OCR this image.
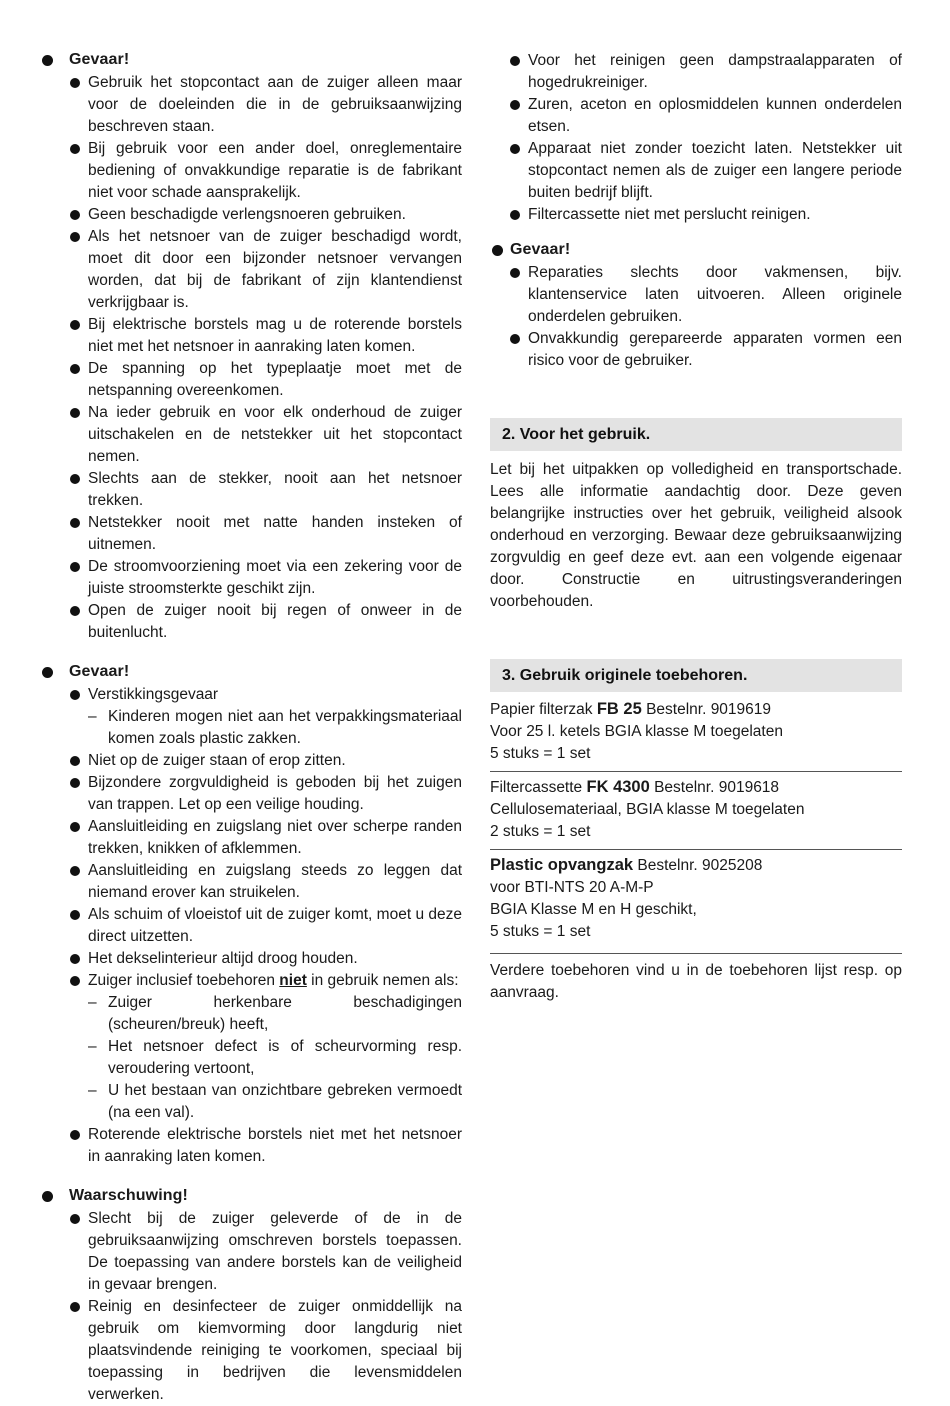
Gevaar!

Gebruik het stopcontact aan de zuiger alleen maar voor de doeleinden die in de gebruiksaanwijzing beschreven staan.

Bij gebruik voor een ander doel, onreglementaire bediening of onvakkundige reparatie is de fabrikant niet voor schade aansprakelijk.

Geen beschadigde verlengsnoeren gebruiken.

Als het netsnoer van de zuiger beschadigd wordt, moet dit door een bijzonder netsnoer vervangen worden, dat bij de fabrikant of zijn klantendienst verkrijgbaar is.

Bij elektrische borstels mag u de roterende borstels niet met het netsnoer in aanraking laten komen.

De spanning op het typeplaatje moet met de netspanning overeenkomen.

Na ieder gebruik en voor elk onderhoud de zuiger uitschakelen en de netstekker uit het stopcontact nemen.

Slechts aan de stekker, nooit aan het netsnoer trekken.

Netstekker nooit met natte handen insteken of uitnemen.

De stroomvoorziening moet via een zekering voor de juiste stroomsterkte geschikt zijn.

Open de zuiger nooit bij regen of onweer in de buitenlucht.

Gevaar!

Verstikkingsgevaar

– Kinderen mogen niet aan het verpakkingsmateriaal komen zoals plastic zakken.

Niet op de zuiger staan of erop zitten.

Bijzondere zorgvuldigheid is geboden bij het zuigen van trappen. Let op een veilige houding.

Aansluitleiding en zuigslang niet over scherpe randen trekken, knikken of afklemmen.

Aansluitleiding en zuigslang steeds zo leggen dat niemand erover kan struikelen.

Als schuim of vloeistof uit de zuiger komt, moet u deze direct uitzetten.

Het dekselinterieur altijd droog houden.

Zuiger inclusief toebehoren niet in gebruik nemen als:

– Zuiger herkenbare beschadigingen (scheuren/breuk) heeft,
– Het netsnoer defect is of scheurvorming resp. veroudering vertoont,
– U het bestaan van onzichtbare gebreken vermoedt (na een val).

Roterende elektrische borstels niet met het netsnoer in aanraking laten komen.

Waarschuwing!

Slecht bij de zuiger geleverde of de in de gebruiksaanwijzing omschreven borstels toepassen. De toepassing van andere borstels kan de veiligheid in gevaar brengen.

Reinig en desinfecteer de zuiger onmiddellijk na gebruik om kiemvorming door langdurig niet plaatsvindende reiniging te voorkomen, speciaal bij toepassing in bedrijven die levensmiddelen verwerken.

Voor het reinigen geen dampstraalapparaten of hogedrukreiniger.

Zuren, aceton en oplosmiddelen kunnen onderdelen etsen.

Apparaat niet zonder toezicht laten. Netstekker uit stopcontact nemen als de zuiger een langere periode buiten bedrijf blijft.

Filtercassette niet met perslucht reinigen.

Gevaar!

Reparaties slechts door vakmensen, bijv. klantenservice laten uitvoeren. Alleen originele onderdelen gebruiken.

Onvakkundig gerepareerde apparaten vormen een risico voor de gebruiker.

2. Voor het gebruik.
Let bij het uitpakken op volledigheid en transportschade. Lees alle informatie aandachtig door. Deze geven belangrijke instructies over het gebruik, veiligheid alsook onderhoud en verzorging. Bewaar deze gebruiksaanwijzing zorgvuldig en geef deze evt. aan een volgende eigenaar door. Constructie en uitrustingsveranderingen voorbehouden.
3. Gebruik originele toebehoren.
Papier filterzak FB 25 Bestelnr. 9019619
Voor 25 l. ketels BGIA klasse M toegelaten
5 stuks = 1 set
Filtercassette FK 4300 Bestelnr. 9019618
Cellulosemateriaal, BGIA klasse M toegelaten
2 stuks = 1 set
Plastic opvangzak Bestelnr. 9025208
voor BTI-NTS 20 A-M-P
BGIA Klasse M en H geschikt,
5 stuks = 1 set
Verdere toebehoren vind u in de toebehoren lijst resp. op aanvraag.
